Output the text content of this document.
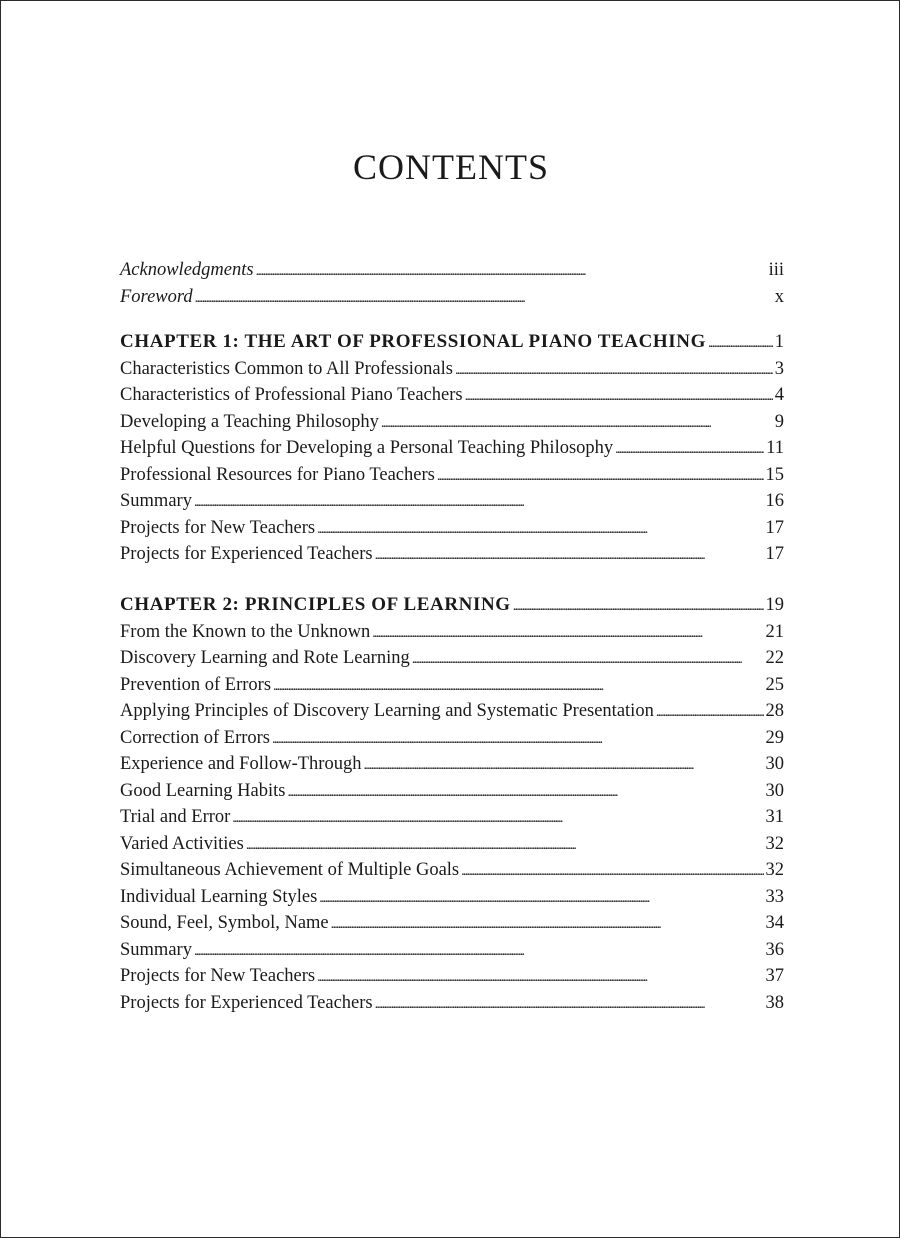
CONTENTS
Acknowledgments . . .	iii
Foreword . . .	x
CHAPTER 1: THE ART OF PROFESSIONAL PIANO TEACHING . . .	1
Characteristics Common to All Professionals . . .	3
Characteristics of Professional Piano Teachers . . .	4
Developing a Teaching Philosophy . . .	9
Helpful Questions for Developing a Personal Teaching Philosophy . . .	11
Professional Resources for Piano Teachers . . .	15
Summary . . .	16
Projects for New Teachers . . .	17
Projects for Experienced Teachers . . .	17
CHAPTER 2: PRINCIPLES OF LEARNING . . .	19
From the Known to the Unknown . . .	21
Discovery Learning and Rote Learning . . .	22
Prevention of Errors . . .	25
Applying Principles of Discovery Learning and Systematic Presentation . . .	28
Correction of Errors . . .	29
Experience and Follow-Through . . .	30
Good Learning Habits . . .	30
Trial and Error . . .	31
Varied Activities . . .	32
Simultaneous Achievement of Multiple Goals . . .	32
Individual Learning Styles . . .	33
Sound, Feel, Symbol, Name . . .	34
Summary . . .	36
Projects for New Teachers . . .	37
Projects for Experienced Teachers . . .	38
